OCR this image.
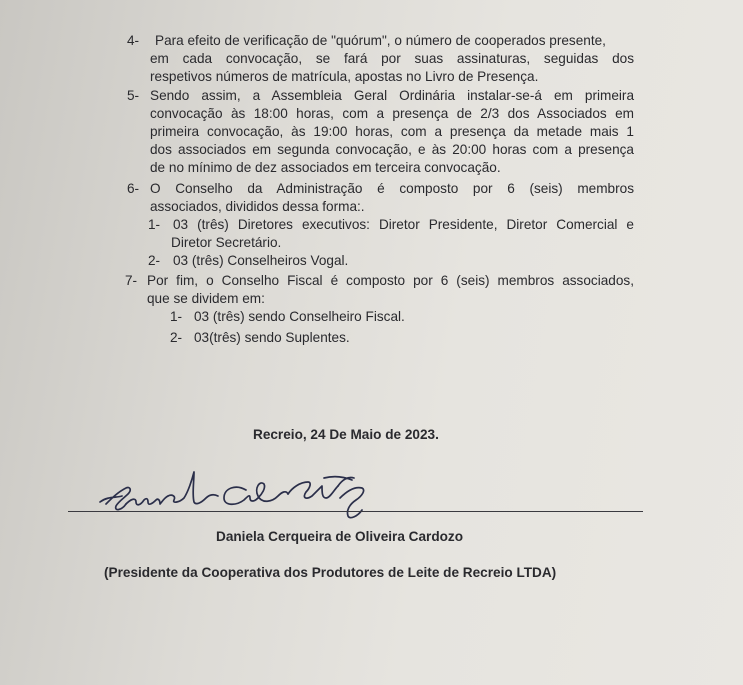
4- Para efeito de verificação de "quórum", o número de cooperados presente,
em cada convocação, se fará por suas assinaturas, seguidas dos
respetivos números de matrícula, apostas no Livro de Presença.
5- Sendo assim, a Assembleia Geral Ordinária instalar-se-á em primeira
convocação às 18:00 horas, com a presença de 2/3 dos Associados em
primeira convocação, às 19:00 horas, com a presença da metade mais 1
dos associados em segunda convocação, e às 20:00 horas com a presença
de no mínimo de dez associados em terceira convocação.
6- O Conselho da Administração é composto por 6 (seis) membros
associados, divididos dessa forma:.
1- 03 (três) Diretores executivos: Diretor Presidente, Diretor Comercial e
Diretor Secretário.
2- 03 (três) Conselheiros Vogal.
7- Por fim, o Conselho Fiscal é composto por 6 (seis) membros associados,
que se dividem em:
1- 03 (três) sendo Conselheiro Fiscal.
2- 03(três) sendo Suplentes.
Recreio, 24 De Maio de 2023.
Daniela Cerqueira de Oliveira Cardozo
(Presidente da Cooperativa dos Produtores de Leite de Recreio LTDA)
